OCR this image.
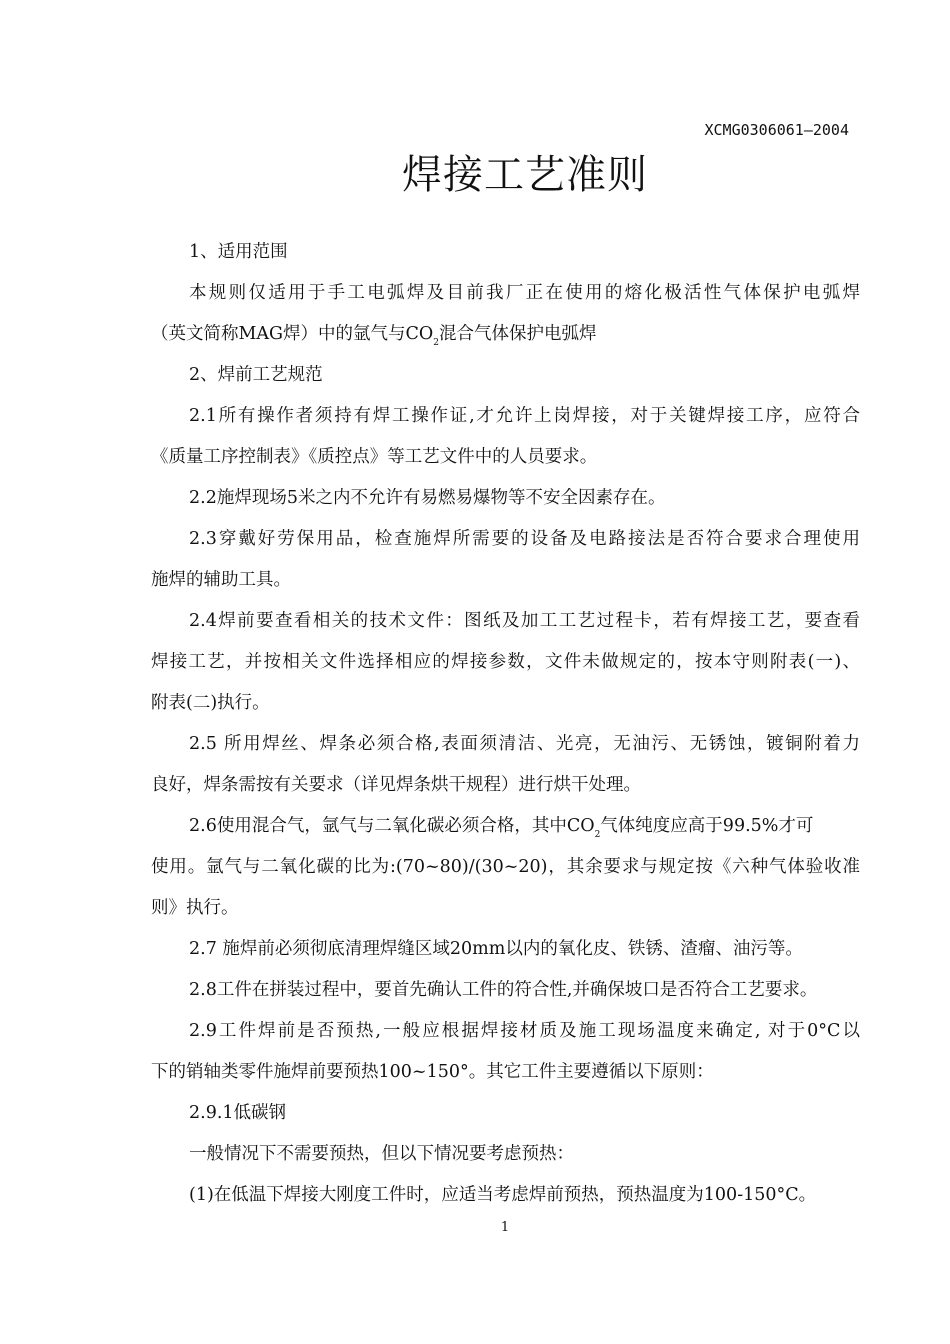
XCMG0306061—2004
焊接工艺准则
1、适用范围
本规则仅适用于手工电弧焊及目前我厂正在使用的熔化极活性气体保护电弧焊
（英文简称MAG焊）中的氩气与$CO_2$混合气体保护电弧焊
2、焊前工艺规范
2.1所有操作者须持有焊工操作证,才允许上岗焊接，对于关键焊接工序，应符合
《质量工序控制表》《质控点》等工艺文件中的人员要求。
2.2施焊现场5米之内不允许有易燃易爆物等不安全因素存在。
2.3穿戴好劳保用品，检查施焊所需要的设备及电路接法是否符合要求合理使用
施焊的辅助工具。
2.4焊前要查看相关的技术文件：图纸及加工工艺过程卡，若有焊接工艺，要查看
焊接工艺，并按相关文件选择相应的焊接参数，文件未做规定的，按本守则附表(一)、
附表(二)执行。
2.5 所用焊丝、焊条必须合格,表面须清洁、光亮，无油污、无锈蚀，镀铜附着力
良好，焊条需按有关要求（详见焊条烘干规程）进行烘干处理。
2.6使用混合气，氩气与二氧化碳必须合格，其中$CO_2$气体纯度应高于99.5%才可
使用。氩气与二氧化碳的比为:(70~80)/(30~20)，其余要求与规定按《六种气体验收准
则》执行。
2.7 施焊前必须彻底清理焊缝区域20mm以内的氧化皮、铁锈、渣瘤、油污等。
2.8工件在拼装过程中，要首先确认工件的符合性,并确保坡口是否符合工艺要求。
2.9工件焊前是否预热,一般应根据焊接材质及施工现场温度来确定, 对于0°C以
下的销轴类零件施焊前要预热100~150°。其它工件主要遵循以下原则：
2.9.1低碳钢
一般情况下不需要预热，但以下情况要考虑预热：
(1)在低温下焊接大刚度工件时，应适当考虑焊前预热，预热温度为100-150°C。
1
